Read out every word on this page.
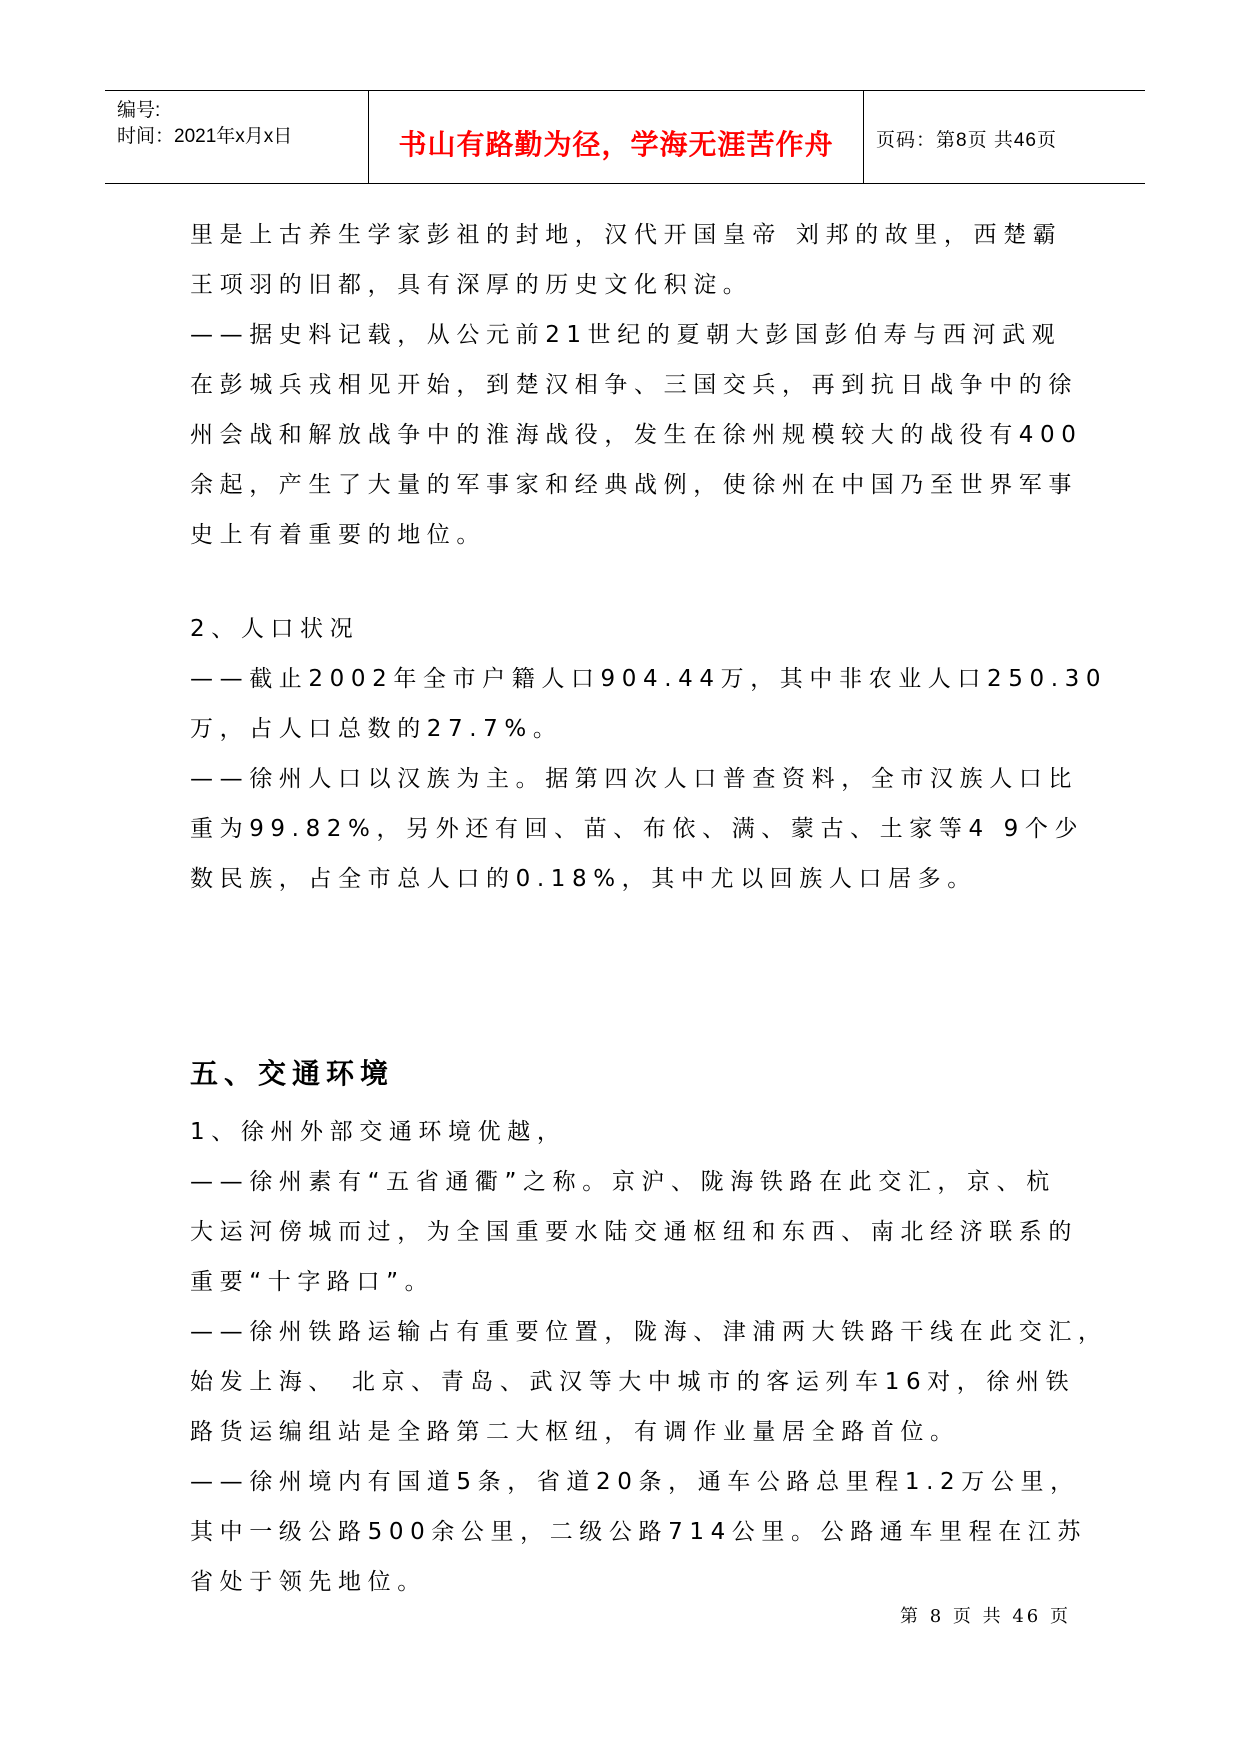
编号:
时间：2021年x月x日	书山有路勤为径，学海无涯苦作舟	页码：第8页 共46页

里是上古养生学家彭祖的封地，汉代开国皇帝 刘邦的故里，西楚霸

王项羽的旧都，具有深厚的历史文化积淀。

——据史料记载，从公元前21世纪的夏朝大彭国彭伯寿与西河武观

在彭城兵戎相见开始，到楚汉相争、三国交兵，再到抗日战争中的徐

州会战和解放战争中的淮海战役，发生在徐州规模较大的战役有400

余起，产生了大量的军事家和经典战例，使徐州在中国乃至世界军事

史上有着重要的地位。

2、人口状况

——截止2002年全市户籍人口904.44万，其中非农业人口250.30

万，占人口总数的27.7%。

——徐州人口以汉族为主。据第四次人口普查资料，全市汉族人口比

重为99.82%，另外还有回、苗、布依、满、蒙古、土家等4 9个少

数民族，占全市总人口的0.18%，其中尤以回族人口居多。

五、交通环境

1、徐州外部交通环境优越，

——徐州素有“五省通衢”之称。京沪、陇海铁路在此交汇，京、杭

大运河傍城而过，为全国重要水陆交通枢纽和东西、南北经济联系的

重要“十字路口”。

——徐州铁路运输占有重要位置，陇海、津浦两大铁路干线在此交汇，

始发上海、 北京、青岛、武汉等大中城市的客运列车16对，徐州铁

路货运编组站是全路第二大枢纽，有调作业量居全路首位。

——徐州境内有国道5条，省道20条，通车公路总里程1.2万公里，

其中一级公路500余公里，二级公路714公里。公路通车里程在江苏

省处于领先地位。

第 8 页 共 46 页
